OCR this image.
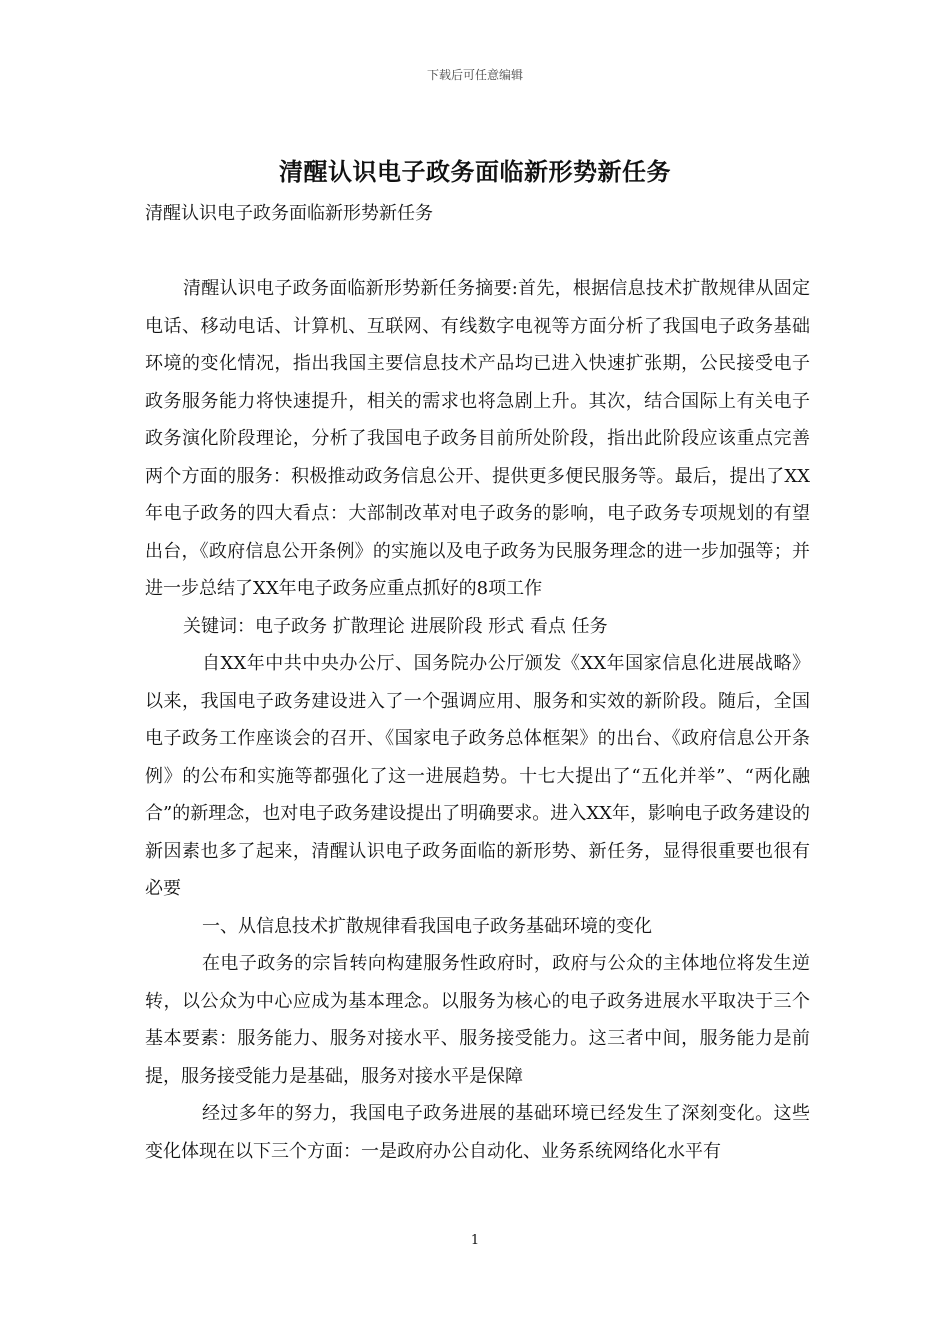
下载后可任意编辑
清醒认识电子政务面临新形势新任务
清醒认识电子政务面临新形势新任务

清醒认识电子政务面临新形势新任务摘要:首先，根据信息技术扩散规律从固定电话、移动电话、计算机、互联网、有线数字电视等方面分析了我国电子政务基础环境的变化情况，指出我国主要信息技术产品均已进入快速扩张期，公民接受电子政务服务能力将快速提升，相关的需求也将急剧上升。其次，结合国际上有关电子政务演化阶段理论，分析了我国电子政务目前所处阶段，指出此阶段应该重点完善两个方面的服务：积极推动政务信息公开、提供更多便民服务等。最后，提出了XX年电子政务的四大看点：大部制改革对电子政务的影响，电子政务专项规划的有望出台，《政府信息公开条例》的实施以及电子政务为民服务理念的进一步加强等；并进一步总结了XX年电子政务应重点抓好的8项工作

关键词：电子政务 扩散理论 进展阶段 形式 看点 任务

自XX年中共中央办公厅、国务院办公厅颁发《XX年国家信息化进展战略》以来，我国电子政务建设进入了一个强调应用、服务和实效的新阶段。随后，全国电子政务工作座谈会的召开、《国家电子政务总体框架》的出台、《政府信息公开条例》的公布和实施等都强化了这一进展趋势。十七大提出了“五化并举”、“两化融合”的新理念，也对电子政务建设提出了明确要求。进入XX年，影响电子政务建设的新因素也多了起来，清醒认识电子政务面临的新形势、新任务，显得很重要也很有必要

一、从信息技术扩散规律看我国电子政务基础环境的变化

在电子政务的宗旨转向构建服务性政府时，政府与公众的主体地位将发生逆转，以公众为中心应成为基本理念。以服务为核心的电子政务进展水平取决于三个基本要素：服务能力、服务对接水平、服务接受能力。这三者中间，服务能力是前提，服务接受能力是基础，服务对接水平是保障

经过多年的努力，我国电子政务进展的基础环境已经发生了深刻变化。这些变化体现在以下三个方面：一是政府办公自动化、业务系统网络化水平有

1
